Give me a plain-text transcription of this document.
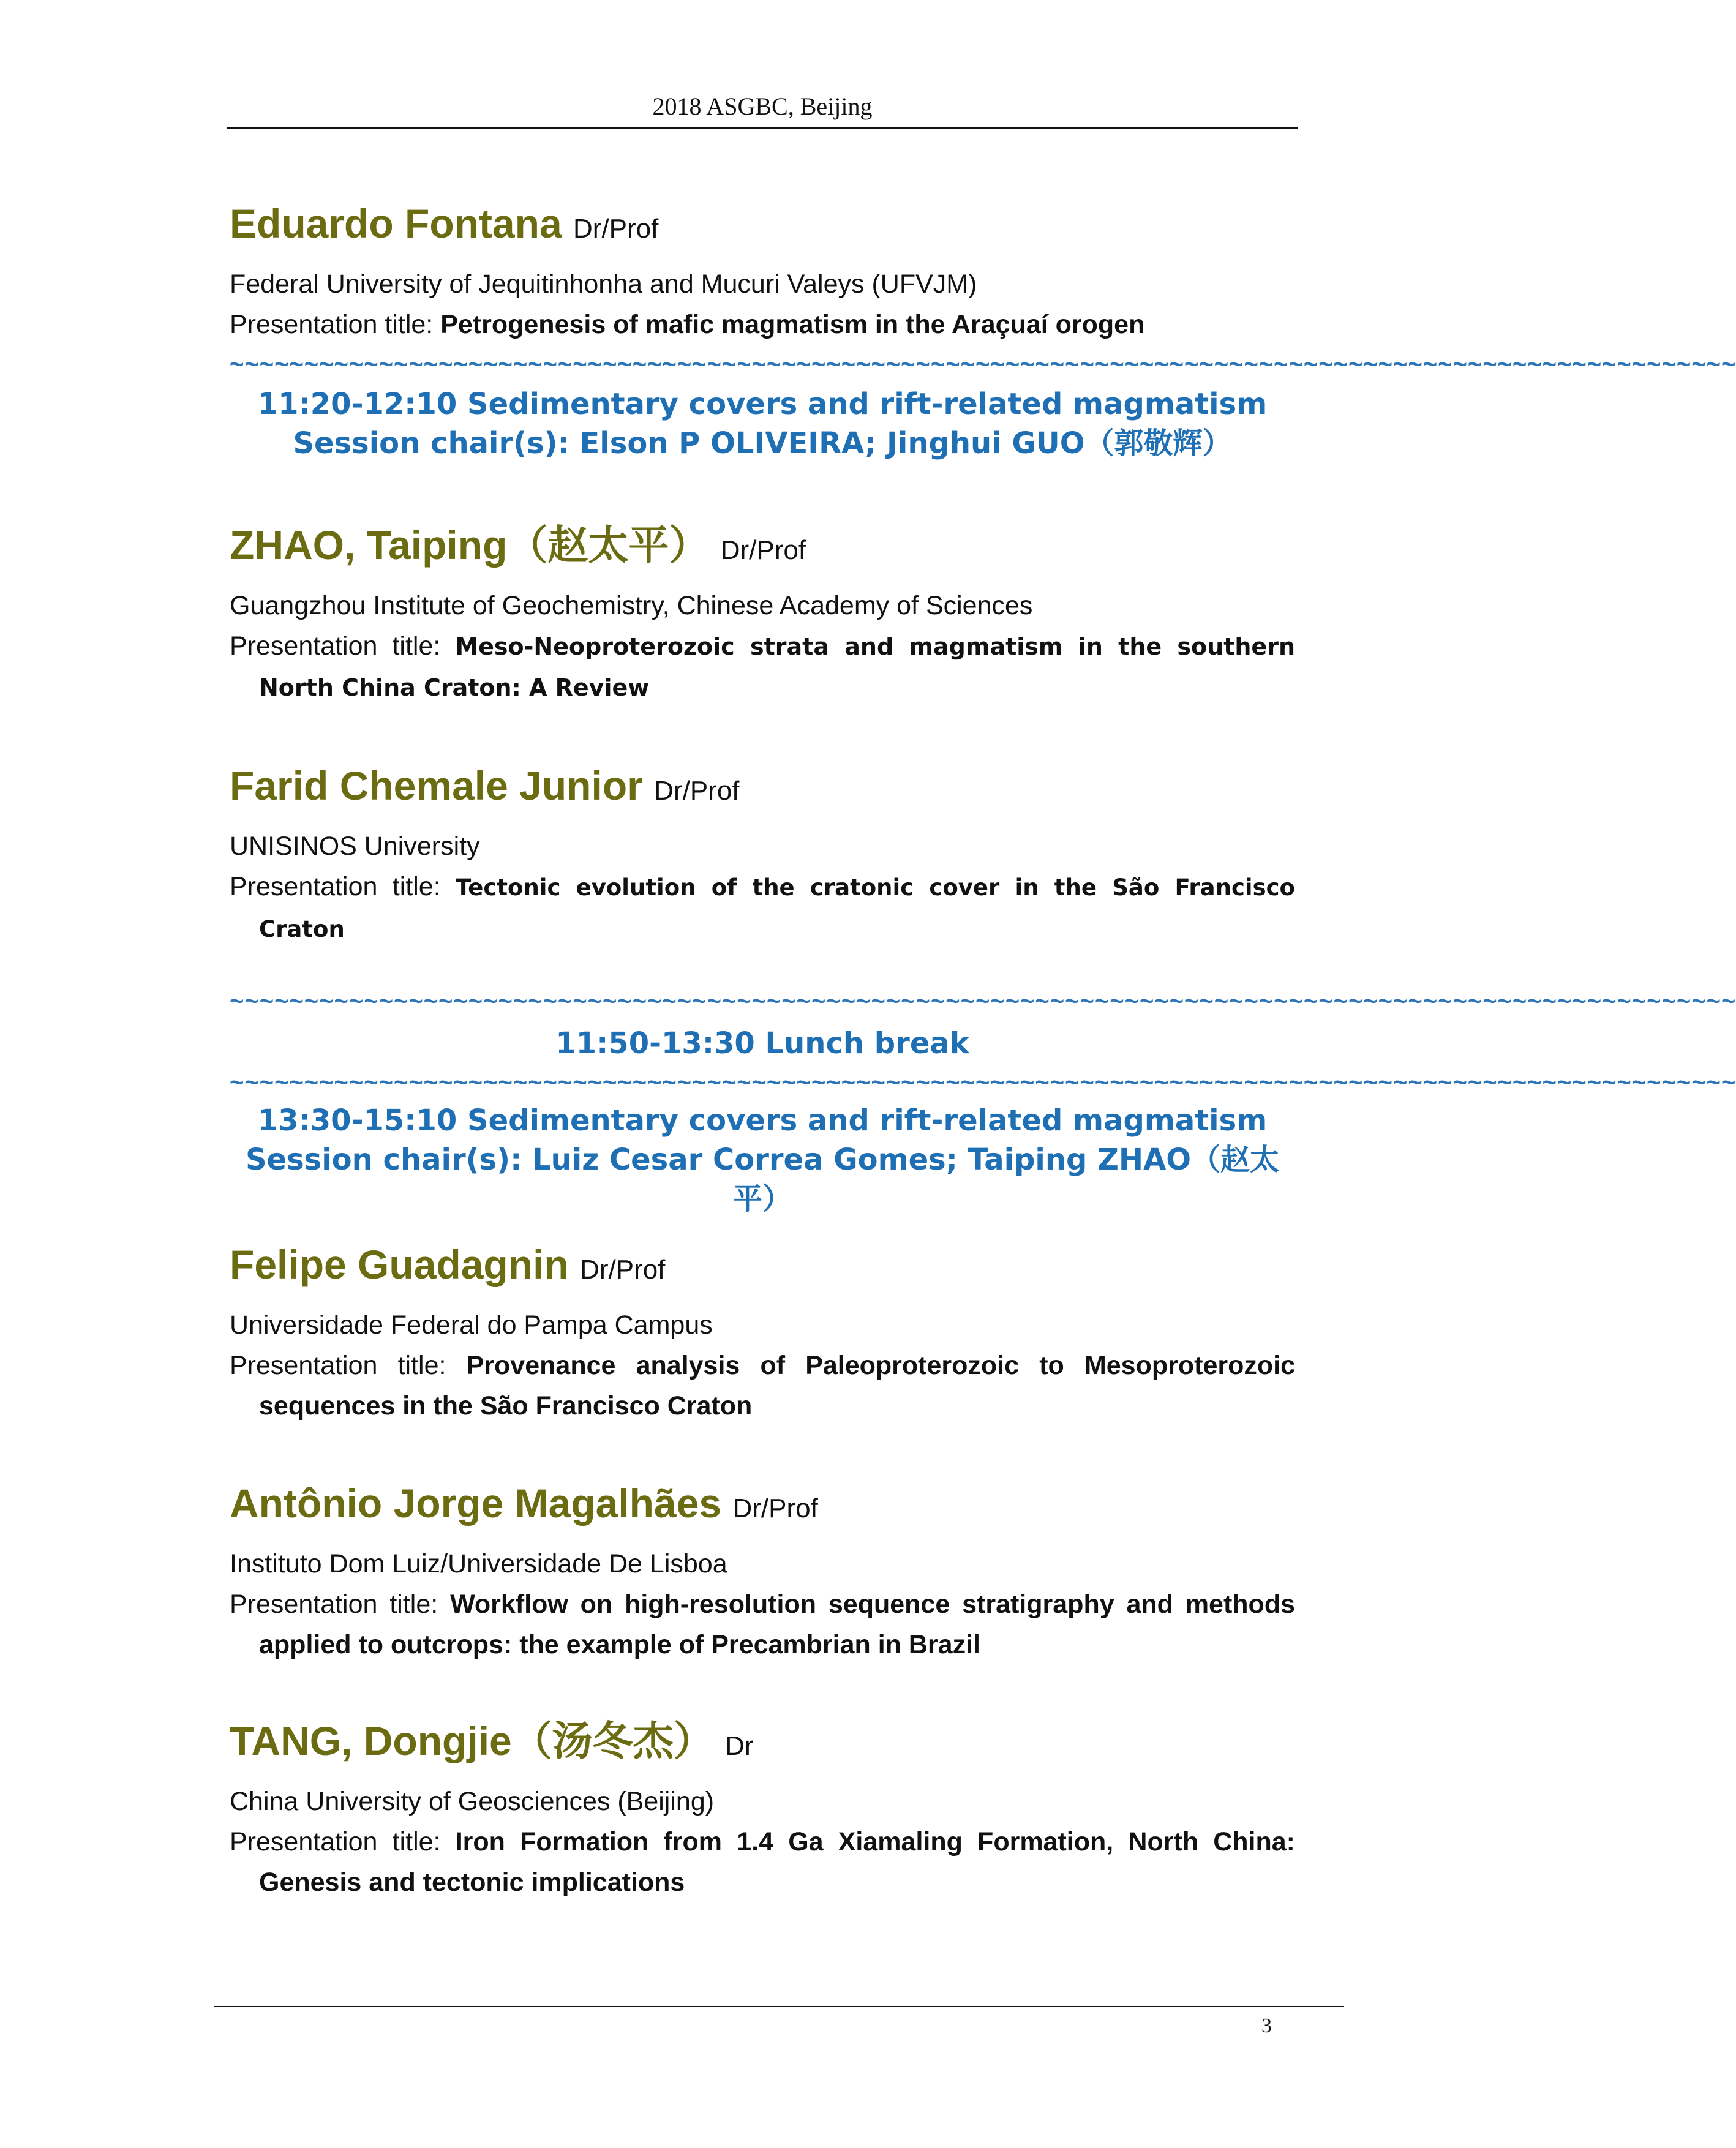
2018 ASGBC, Beijing
Eduardo Fontana Dr/Prof
Federal University of Jequitinhonha and Mucuri Valeys (UFVJM)
Presentation title: Petrogenesis of mafic magmatism in the Araçuaí orogen
~~~~~~~~~~~~~~~~~~~~~~~~~~~~~~~~~~~~~~~~~~~~~~~~~~~~~~~~~~~~~~~~~~~~~~~~~~~~~~~~~~~~~~~~~~~~~~~~~~~~~
11:20-12:10 Sedimentary covers and rift-related magmatism
Session chair(s): Elson P OLIVEIRA; Jinghui GUO（郭敬辉）
ZHAO, Taiping（赵太平） Dr/Prof
Guangzhou Institute of Geochemistry, Chinese Academy of Sciences
Presentation title: Meso-Neoproterozoic strata and magmatism in the southern North China Craton: A Review
Farid Chemale Junior Dr/Prof
UNISINOS University
Presentation title: Tectonic evolution of the cratonic cover in the São Francisco Craton
~~~~~~~~~~~~~~~~~~~~~~~~~~~~~~~~~~~~~~~~~~~~~~~~~~~~~~~~~~~~~~~~~~~~~~~~~~~~~~~~~~~~~~~~~~~~~~~~~~~~~
11:50-13:30 Lunch break
~~~~~~~~~~~~~~~~~~~~~~~~~~~~~~~~~~~~~~~~~~~~~~~~~~~~~~~~~~~~~~~~~~~~~~~~~~~~~~~~~~~~~~~~~~~~~~~~~~~~~
13:30-15:10 Sedimentary covers and rift-related magmatism
Session chair(s): Luiz Cesar Correa Gomes; Taiping ZHAO（赵太平）
Felipe Guadagnin Dr/Prof
Universidade Federal do Pampa Campus
Presentation title: Provenance analysis of Paleoproterozoic to Mesoproterozoic sequences in the São Francisco Craton
Antônio Jorge Magalhães Dr/Prof
Instituto Dom Luiz/Universidade De Lisboa
Presentation title: Workflow on high-resolution sequence stratigraphy and methods applied to outcrops: the example of Precambrian in Brazil
TANG, Dongjie（汤冬杰） Dr
China University of Geosciences (Beijing)
Presentation title: Iron Formation from 1.4 Ga Xiamaling Formation, North China: Genesis and tectonic implications
3
